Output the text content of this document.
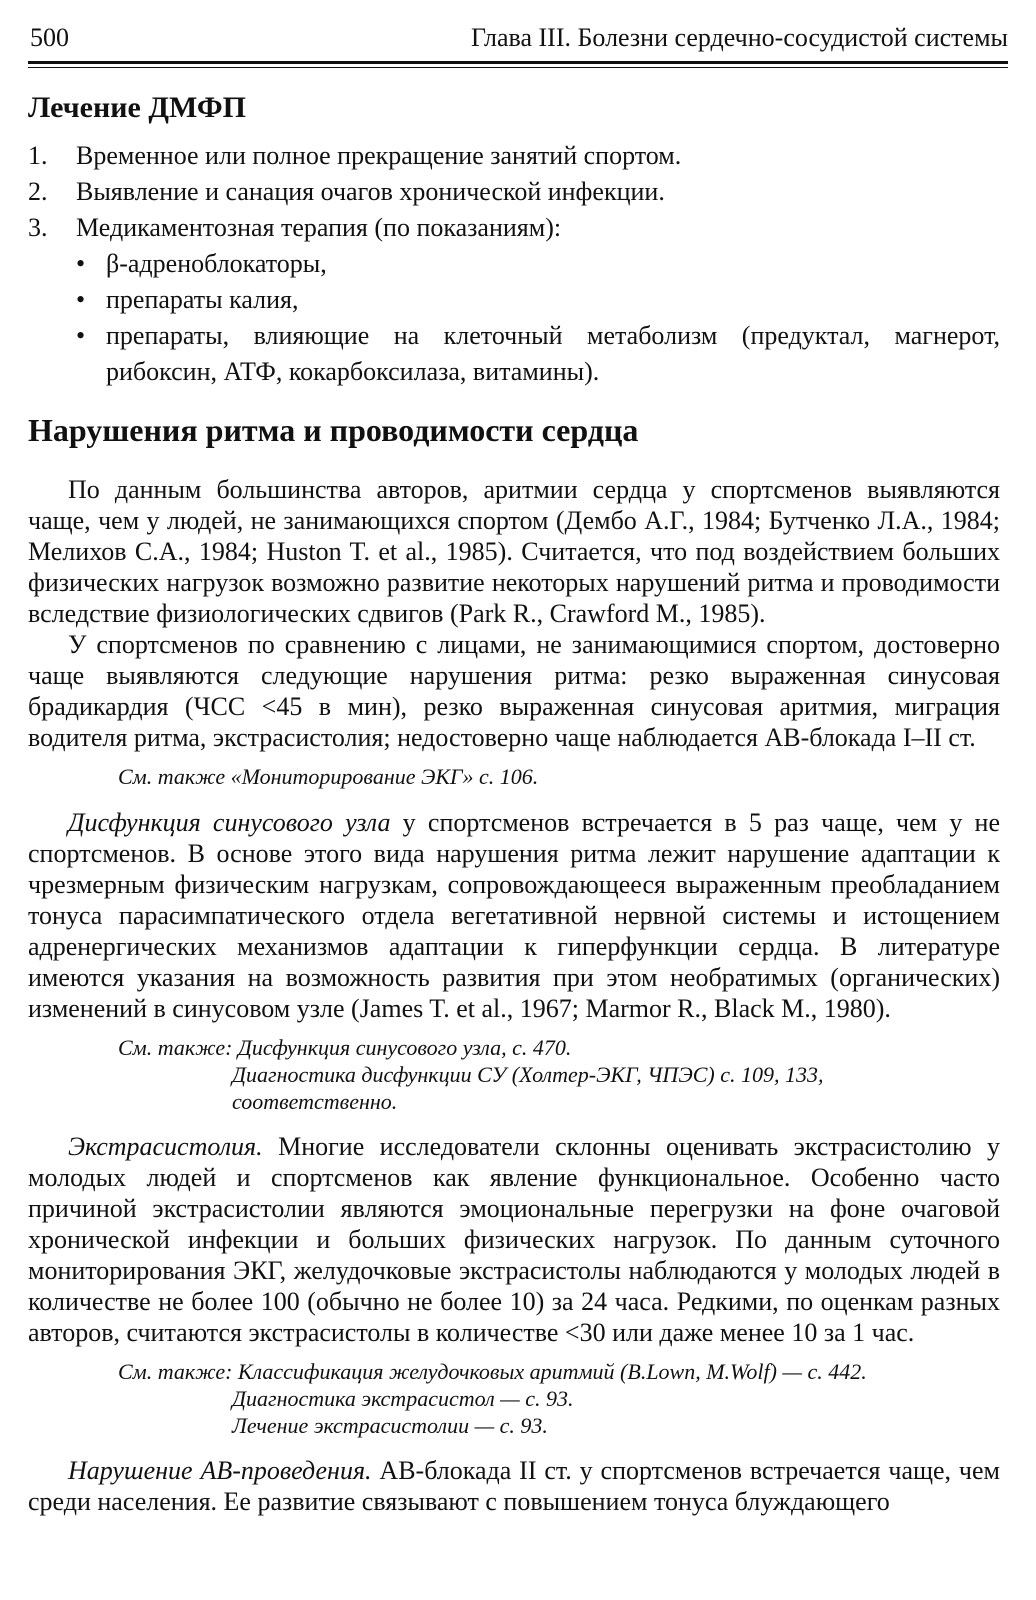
500	Глава III. Болезни сердечно-сосудистой системы
Лечение ДМФП
1. Временное или полное прекращение занятий спортом.
2. Выявление и санация очагов хронической инфекции.
3. Медикаментозная терапия (по показаниям):
• β-адреноблокаторы,
• препараты калия,
• препараты, влияющие на клеточный метаболизм (предуктал, магнерот, рибоксин, АТФ, кокарбоксилаза, витамины).
Нарушения ритма и проводимости сердца

По данным большинства авторов, аритмии сердца у спортсменов выявляются чаще, чем у людей, не занимающихся спортом (Дембо А.Г., 1984; Бутченко Л.А., 1984; Мелихов С.А., 1984; Huston T. et al., 1985). Считается, что под воздействием больших физических нагрузок возможно развитие некоторых нарушений ритма и проводимости вследствие физиологических сдвигов (Park R., Crawford M., 1985).

У спортсменов по сравнению с лицами, не занимающимися спортом, достоверно чаще выявляются следующие нарушения ритма: резко выраженная синусовая брадикардия (ЧСС <45 в мин), резко выраженная синусовая аритмия, миграция водителя ритма, экстрасистолия; недостоверно чаще наблюдается АВ-блокада I–II ст.

См. также «Мониторирование ЭКГ» с. 106.

Дисфункция синусового узла у спортсменов встречается в 5 раз чаще, чем у не спортсменов. В основе этого вида нарушения ритма лежит нарушение адаптации к чрезмерным физическим нагрузкам, сопровождающееся выраженным преобладанием тонуса парасимпатического отдела вегетативной нервной системы и истощением адренергических механизмов адаптации к гиперфункции сердца. В литературе имеются указания на возможность развития при этом необратимых (органических) изменений в синусовом узле (James T. et al., 1967; Marmor R., Black M., 1980).

См. также: Дисфункция синусового узла, с. 470.
Диагностика дисфункции СУ (Холтер-ЭКГ, ЧПЭС) с. 109, 133, соответственно.

Экстрасистолия. Многие исследователи склонны оценивать экстрасистолию у молодых людей и спортсменов как явление функциональное. Особенно часто причиной экстрасистолии являются эмоциональные перегрузки на фоне очаговой хронической инфекции и больших физических нагрузок. По данным суточного мониторирования ЭКГ, желудочковые экстрасистолы наблюдаются у молодых людей в количестве не более 100 (обычно не более 10) за 24 часа. Редкими, по оценкам разных авторов, считаются экстрасистолы в количестве <30 или даже менее 10 за 1 час.

См. также: Классификация желудочковых аритмий (B.Lown, M.Wolf) — с. 442.
Диагностика экстрасистол — с. 93.
Лечение экстрасистолии — с. 93.

Нарушение АВ-проведения. АВ-блокада II ст. у спортсменов встречается чаще, чем среди населения. Ее развитие связывают с повышением тонуса блуждающего
